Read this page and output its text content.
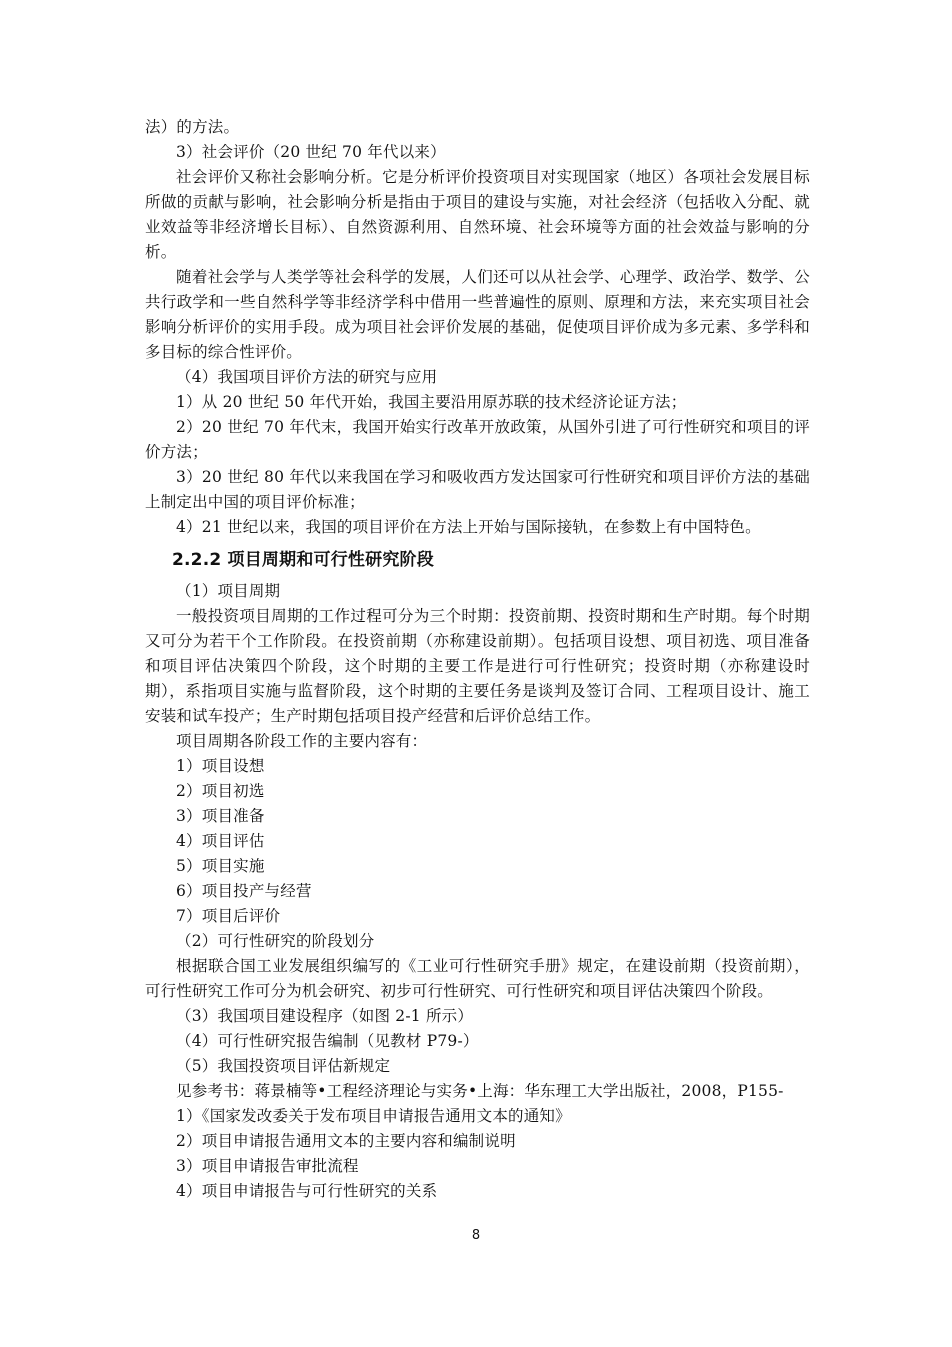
法）的方法。

3）社会评价（20 世纪 70 年代以来）

社会评价又称社会影响分析。它是分析评价投资项目对实现国家（地区）各项社会发展目标所做的贡献与影响，社会影响分析是指由于项目的建设与实施，对社会经济（包括收入分配、就业效益等非经济增长目标）、自然资源利用、自然环境、社会环境等方面的社会效益与影响的分析。

随着社会学与人类学等社会科学的发展，人们还可以从社会学、心理学、政治学、数学、公共行政学和一些自然科学等非经济学科中借用一些普遍性的原则、原理和方法，来充实项目社会影响分析评价的实用手段。成为项目社会评价发展的基础，促使项目评价成为多元素、多学科和多目标的综合性评价。

（4）我国项目评价方法的研究与应用

1）从 20 世纪 50 年代开始，我国主要沿用原苏联的技术经济论证方法；

2）20 世纪 70 年代末，我国开始实行改革开放政策，从国外引进了可行性研究和项目的评价方法；

3）20 世纪 80 年代以来我国在学习和吸收西方发达国家可行性研究和项目评价方法的基础上制定出中国的项目评价标准；

4）21 世纪以来，我国的项目评价在方法上开始与国际接轨，在参数上有中国特色。

2.2.2 项目周期和可行性研究阶段

（1）项目周期

一般投资项目周期的工作过程可分为三个时期：投资前期、投资时期和生产时期。每个时期又可分为若干个工作阶段。在投资前期（亦称建设前期）。包括项目设想、项目初选、项目准备和项目评估决策四个阶段，这个时期的主要工作是进行可行性研究；投资时期（亦称建设时期），系指项目实施与监督阶段，这个时期的主要任务是谈判及签订合同、工程项目设计、施工安装和试车投产；生产时期包括项目投产经营和后评价总结工作。

项目周期各阶段工作的主要内容有：

1）项目设想

2）项目初选

3）项目准备

4）项目评估

5）项目实施

6）项目投产与经营

7）项目后评价

（2）可行性研究的阶段划分

根据联合国工业发展组织编写的《工业可行性研究手册》规定，在建设前期（投资前期），可行性研究工作可分为机会研究、初步可行性研究、可行性研究和项目评估决策四个阶段。

（3）我国项目建设程序（如图 2-1 所示）

（4）可行性研究报告编制（见教材 P79-）

（5）我国投资项目评估新规定

见参考书：蒋景楠等•工程经济理论与实务•上海：华东理工大学出版社，2008，P155-

1）《国家发改委关于发布项目申请报告通用文本的通知》

2）项目申请报告通用文本的主要内容和编制说明

3）项目申请报告审批流程

4）项目申请报告与可行性研究的关系

8
